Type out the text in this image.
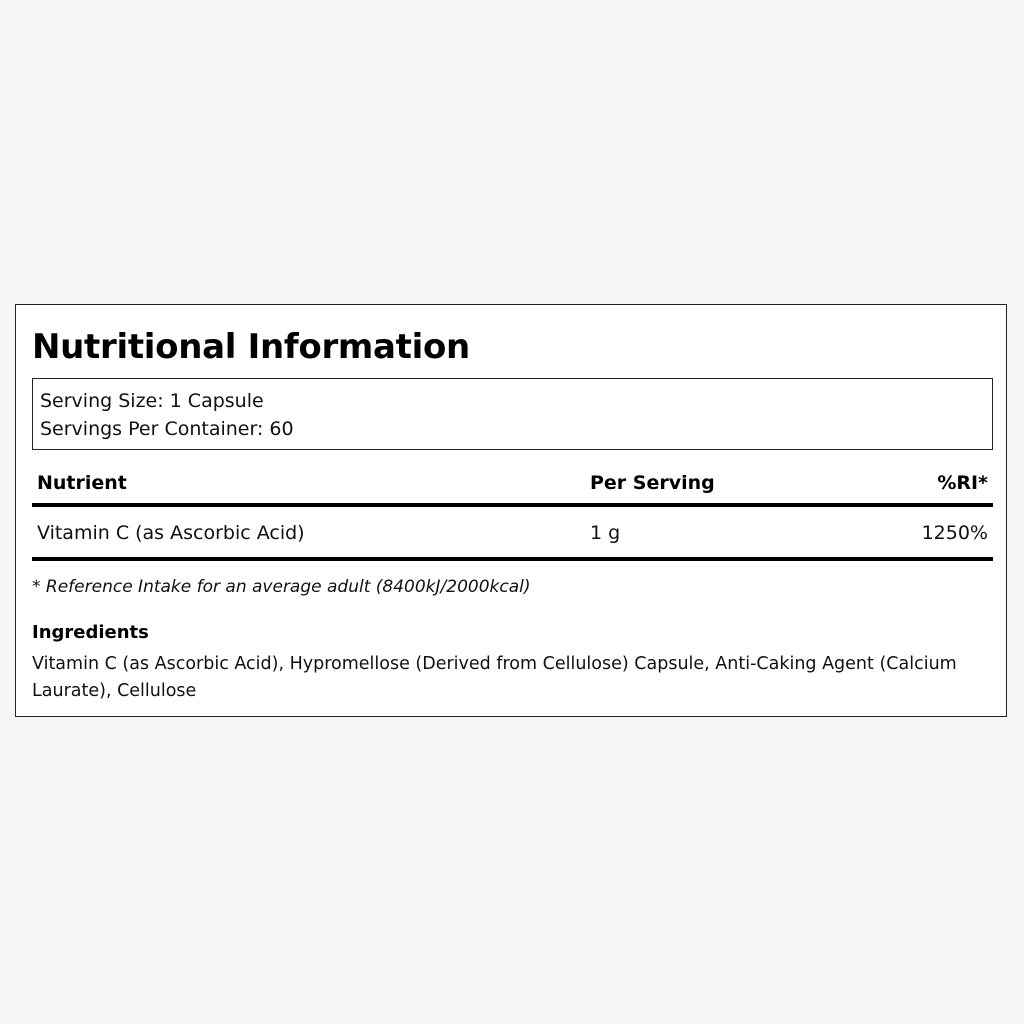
Nutritional Information
Serving Size: 1 Capsule
Servings Per Container: 60
Nutrient	Per Serving	%RI*
Vitamin C (as Ascorbic Acid)	1 g	1250%
* Reference Intake for an average adult (8400kJ/2000kcal)
Ingredients
Vitamin C (as Ascorbic Acid), Hypromellose (Derived from Cellulose) Capsule, Anti-Caking Agent (Calcium Laurate), Cellulose
